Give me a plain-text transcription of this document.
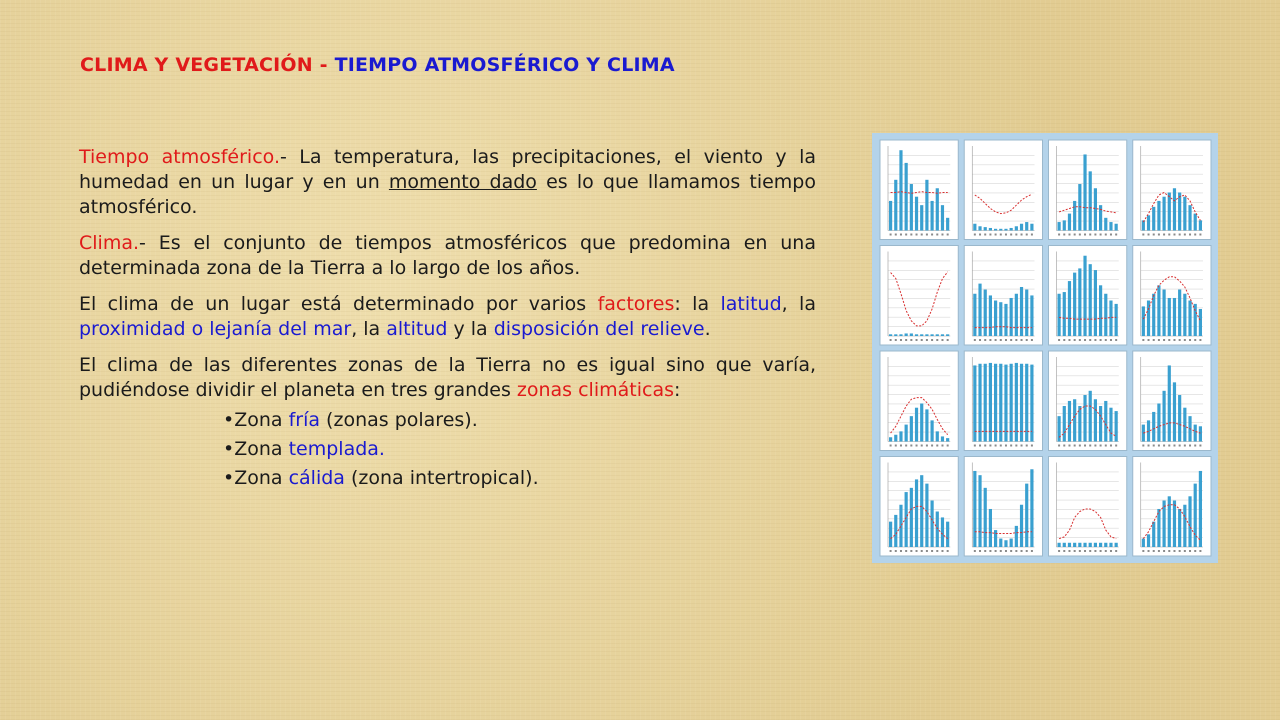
CLIMA Y VEGETACIÓN - TIEMPO ATMOSFÉRICO Y CLIMA

Tiempo atmosférico.- La temperatura, las precipitaciones, el viento y la humedad en un lugar y en un momento dado es lo que llamamos tiempo atmosférico.

Clima.- Es el conjunto de tiempos atmosféricos que predomina en una determinada zona de la Tierra a lo largo de los años.

El clima de un lugar está determinado por varios factores: la latitud, la proximidad o lejanía del mar, la altitud y la disposición del relieve.

El clima de las diferentes zonas de la Tierra no es igual sino que varía, pudiéndose dividir el planeta en tres grandes zonas climáticas:

•Zona fría (zonas polares).
•Zona templada.
•Zona cálida (zona intertropical).
